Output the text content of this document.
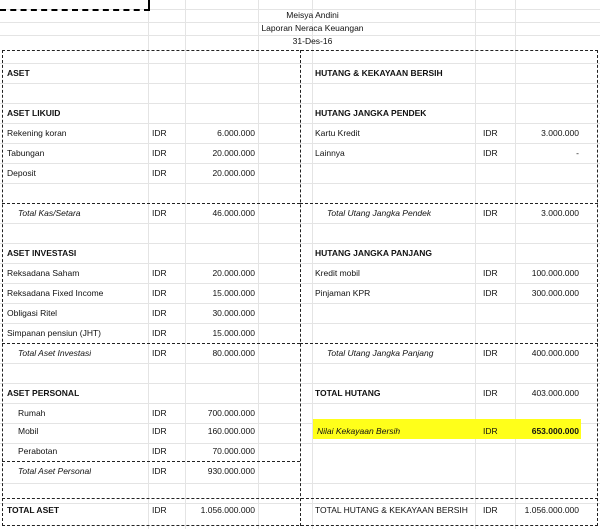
Meisya Andini
Laporan Neraca Keuangan
31-Des-16
ASET	HUTANG & KEKAYAAN BERSIH
ASET LIKUID	HUTANG JANGKA PENDEK
Rekening koran	IDR	6.000.000	Kartu Kredit	IDR	3.000.000
Tabungan	IDR	20.000.000	Lainnya	IDR	-
Deposit	IDR	20.000.000
Total Kas/Setara	IDR	46.000.000	Total Utang Jangka Pendek	IDR	3.000.000
ASET INVESTASI	HUTANG JANGKA PANJANG
Reksadana Saham	IDR	20.000.000	Kredit mobil	IDR	100.000.000
Reksadana Fixed Income	IDR	15.000.000	Pinjaman KPR	IDR	300.000.000
Obligasi Ritel	IDR	30.000.000
Simpanan pensiun (JHT)	IDR	15.000.000
Total Aset Investasi	IDR	80.000.000	Total Utang Jangka Panjang	IDR	400.000.000
ASET PERSONAL	TOTAL HUTANG	IDR	403.000.000
Rumah	IDR	700.000.000
Mobil	IDR	160.000.000	Nilai Kekayaan Bersih	IDR	653.000.000
Perabotan	IDR	70.000.000
Total Aset Personal	IDR	930.000.000
TOTAL ASET	IDR	1.056.000.000	TOTAL HUTANG & KEKAYAAN BERSIH IDR	1.056.000.000
